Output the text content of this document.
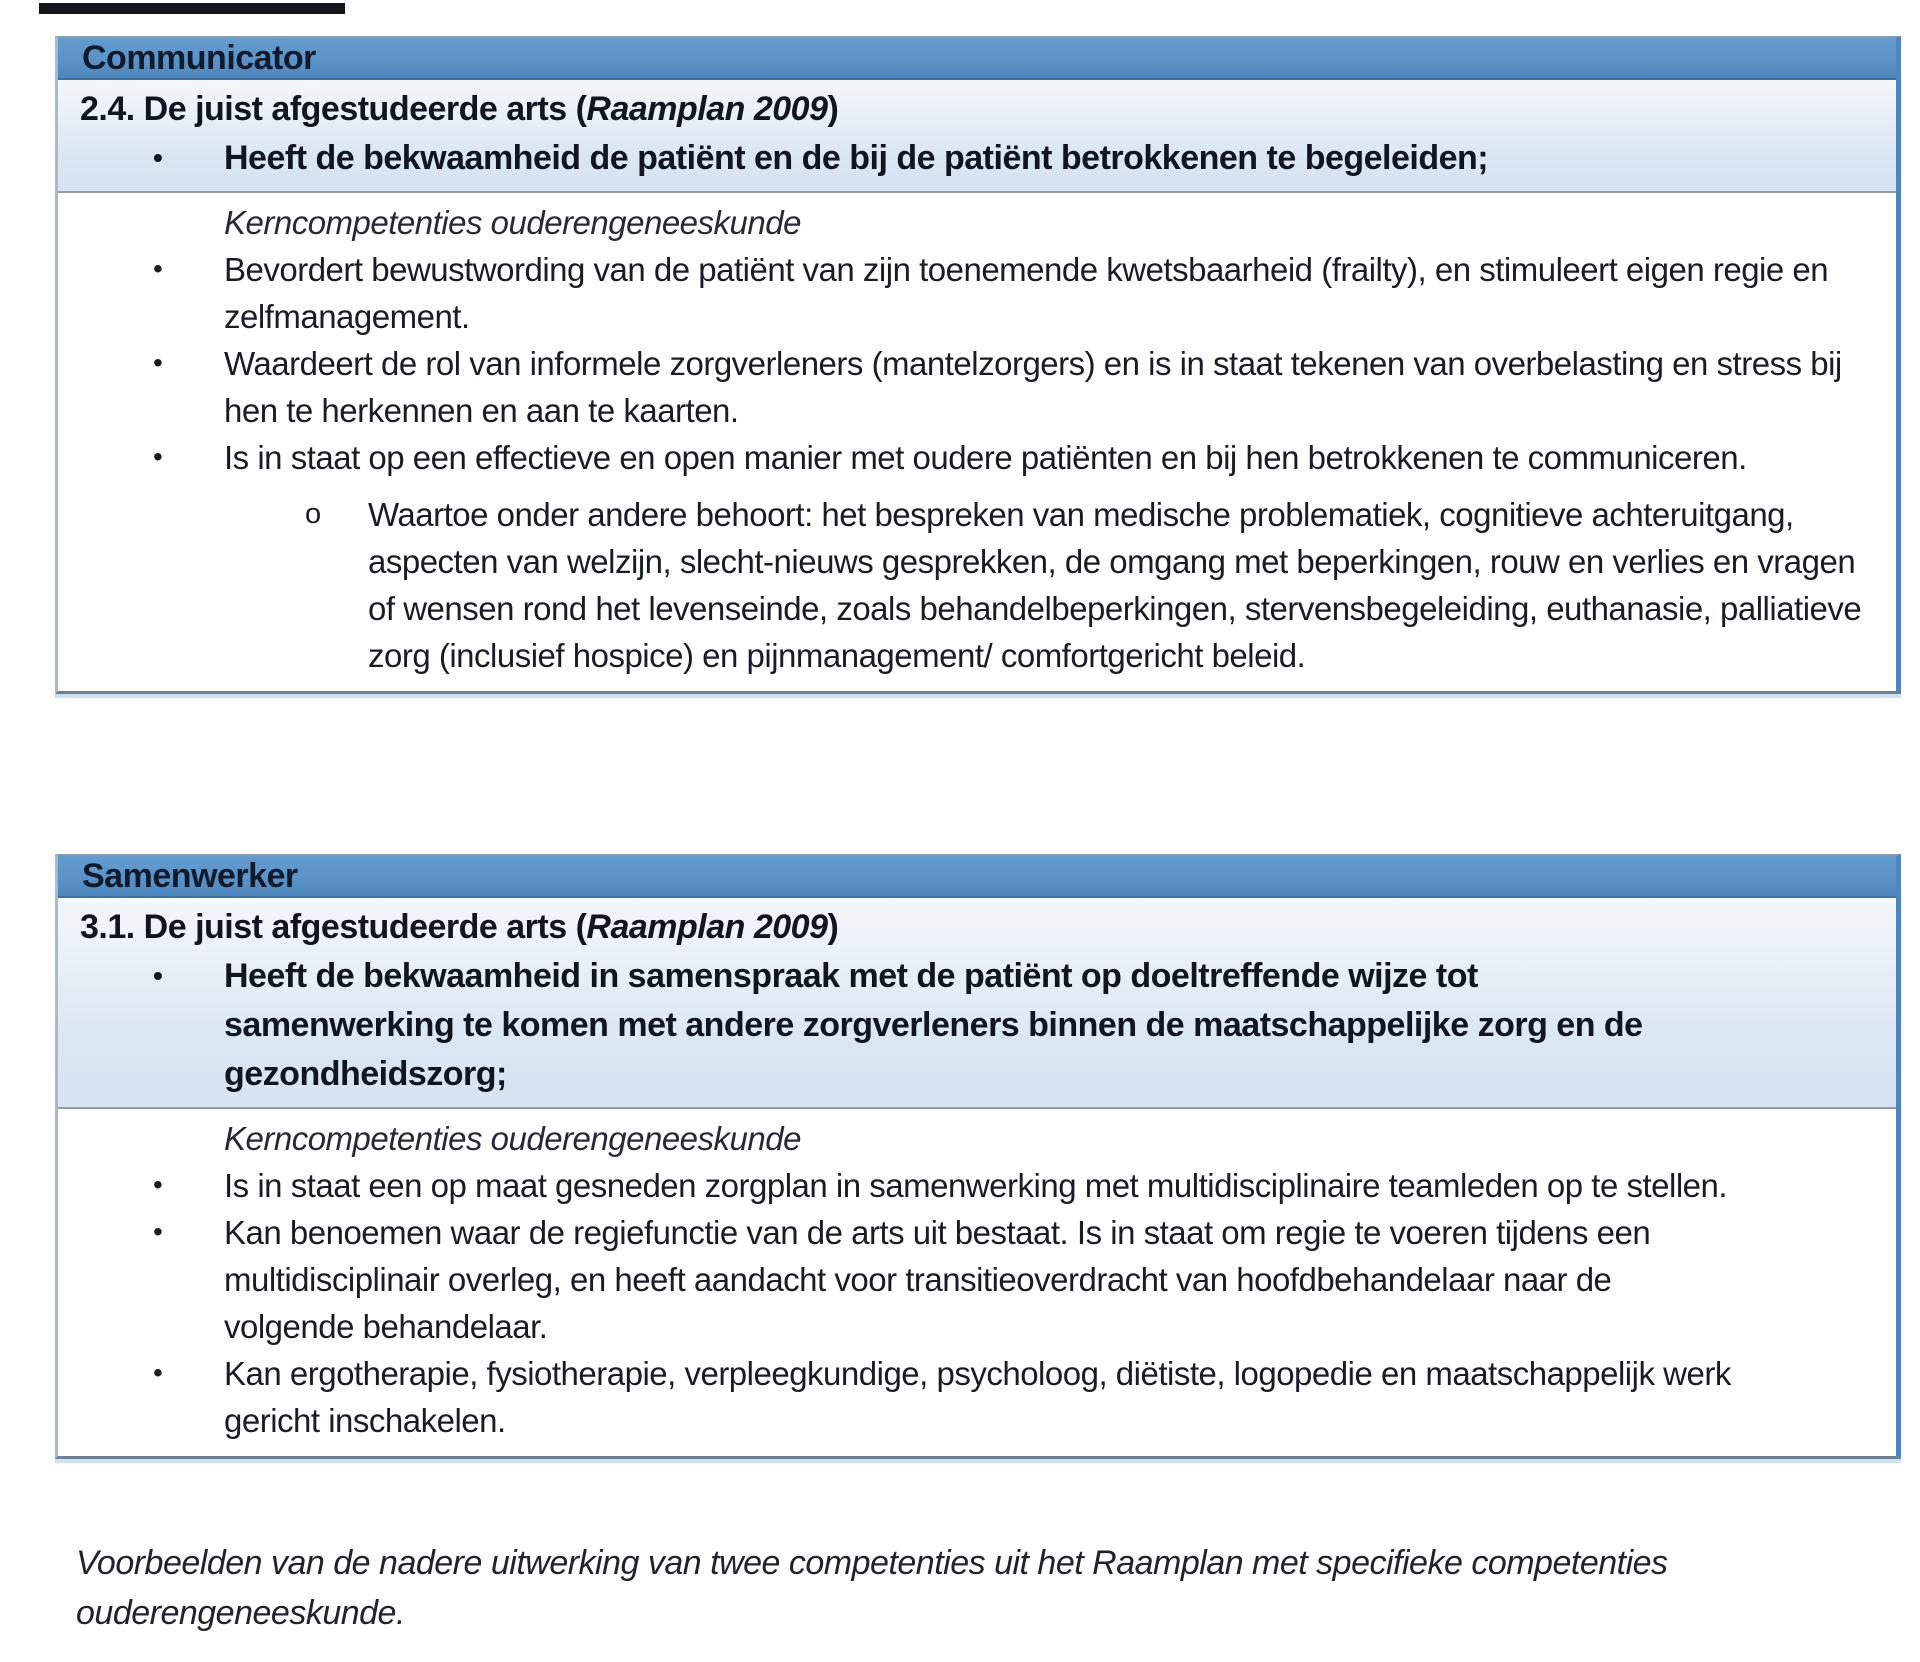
Communicator
2.4. De juist afgestudeerde arts (Raamplan 2009)
• Heeft de bekwaamheid de patiënt en de bij de patiënt betrokkenen te begeleiden;
Kerncompetenties ouderengeneeskunde
• Bevordert bewustwording van de patiënt van zijn toenemende kwetsbaarheid (frailty), en stimuleert eigen regie en zelfmanagement.
• Waardeert de rol van informele zorgverleners (mantelzorgers) en is in staat tekenen van overbelasting en stress bij hen te herkennen en aan te kaarten.
• Is in staat op een effectieve en open manier met oudere patiënten en bij hen betrokkenen te communiceren.
o Waartoe onder andere behoort: het bespreken van medische problematiek, cognitieve achteruitgang, aspecten van welzijn, slecht-nieuws gesprekken, de omgang met beperkingen, rouw en verlies en vragen of wensen rond het levenseinde, zoals behandelbeperkingen, stervensbegeleiding, euthanasie, palliatieve zorg (inclusief hospice) en pijnmanagement/ comfortgericht beleid.
Samenwerker
3.1. De juist afgestudeerde arts (Raamplan 2009)
• Heeft de bekwaamheid in samenspraak met de patiënt op doeltreffende wijze tot samenwerking te komen met andere zorgverleners binnen de maatschappelijke zorg en de gezondheidszorg;
Kerncompetenties ouderengeneeskunde
• Is in staat een op maat gesneden zorgplan in samenwerking met multidisciplinaire teamleden op te stellen.
• Kan benoemen waar de regiefunctie van de arts uit bestaat. Is in staat om regie te voeren tijdens een multidisciplinair overleg, en heeft aandacht voor transitieoverdracht van hoofdbehandelaar naar de volgende behandelaar.
• Kan ergotherapie, fysiotherapie, verpleegkundige, psycholoog, diëtiste, logopedie en maatschappelijk werk gericht inschakelen.

Voorbeelden van de nadere uitwerking van twee competenties uit het Raamplan met specifieke competenties ouderengeneeskunde.
